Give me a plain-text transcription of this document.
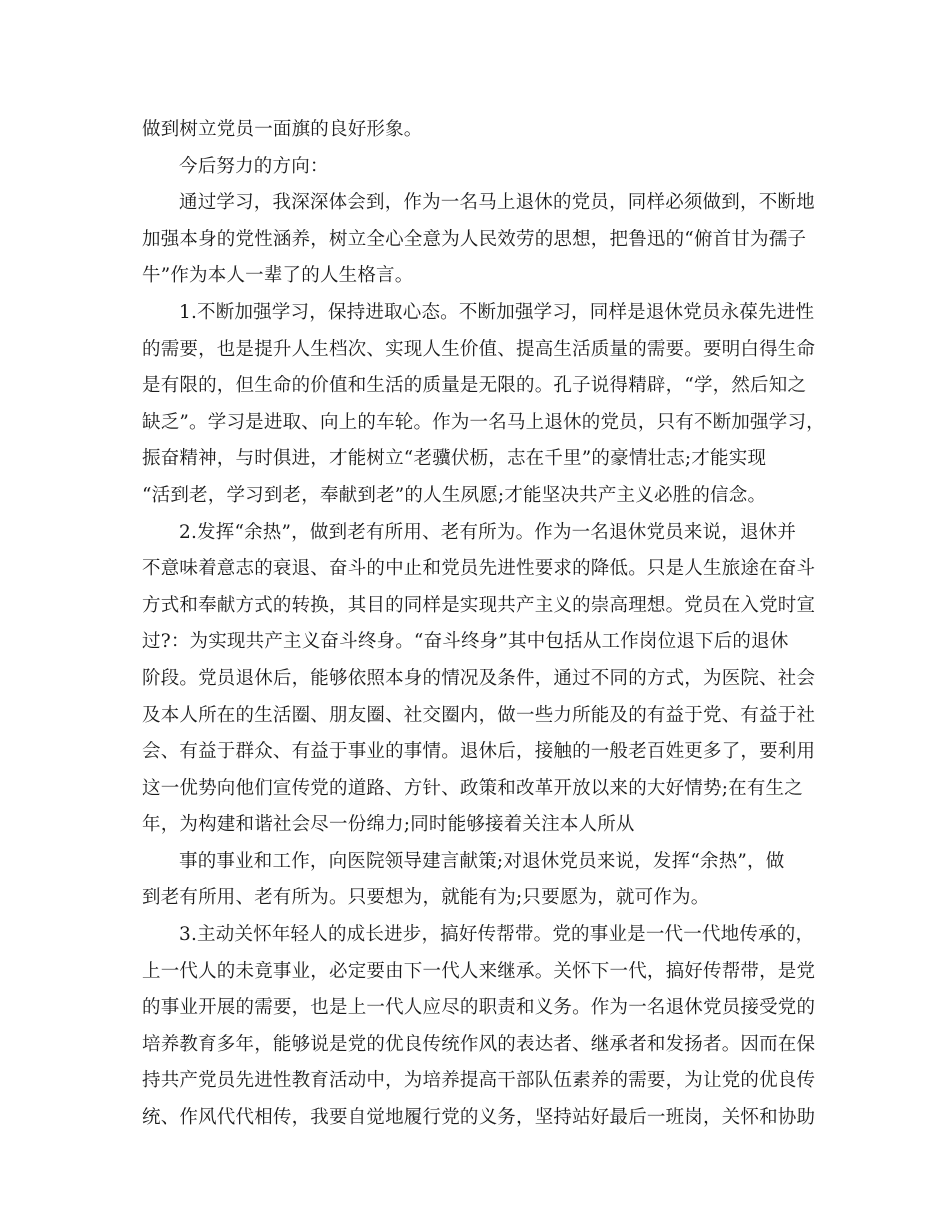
做到树立党员一面旗的良好形象。
今后努力的方向：
通过学习，我深深体会到，作为一名马上退休的党员，同样必须做到，不断地
加强本身的党性涵养，树立全心全意为人民效劳的思想，把鲁迅的“俯首甘为孺子
牛”作为本人一辈了的人生格言。
1.不断加强学习，保持进取心态。不断加强学习，同样是退休党员永葆先进性
的需要，也是提升人生档次、实现人生价值、提高生活质量的需要。要明白得生命
是有限的，但生命的价值和生活的质量是无限的。孔子说得精辟，“学，然后知之
缺乏”。学习是进取、向上的车轮。作为一名马上退休的党员，只有不断加强学习，
振奋精神，与时俱进，才能树立“老骥伏枥，志在千里”的豪情壮志;才能实现
“活到老，学习到老，奉献到老”的人生夙愿;才能坚决共产主义必胜的信念。
2.发挥“余热”，做到老有所用、老有所为。作为一名退休党员来说，退休并
不意味着意志的衰退、奋斗的中止和党员先进性要求的降低。只是人生旅途在奋斗
方式和奉献方式的转换，其目的同样是实现共产主义的崇高理想。党员在入党时宣
过?：为实现共产主义奋斗终身。“奋斗终身”其中包括从工作岗位退下后的退休
阶段。党员退休后，能够依照本身的情况及条件，通过不同的方式，为医院、社会
及本人所在的生活圈、朋友圈、社交圈内，做一些力所能及的有益于党、有益于社
会、有益于群众、有益于事业的事情。退休后，接触的一般老百姓更多了，要利用
这一优势向他们宣传党的道路、方针、政策和改革开放以来的大好情势;在有生之
年，为构建和谐社会尽一份绵力;同时能够接着关注本人所从
事的事业和工作，向医院领导建言献策;对退休党员来说，发挥“余热”，做
到老有所用、老有所为。只要想为，就能有为;只要愿为，就可作为。
3.主动关怀年轻人的成长进步，搞好传帮带。党的事业是一代一代地传承的，
上一代人的未竟事业，必定要由下一代人来继承。关怀下一代，搞好传帮带，是党
的事业开展的需要，也是上一代人应尽的职责和义务。作为一名退休党员接受党的
培养教育多年，能够说是党的优良传统作风的表达者、继承者和发扬者。因而在保
持共产党员先进性教育活动中，为培养提高干部队伍素养的需要，为让党的优良传
统、作风代代相传，我要自觉地履行党的义务，坚持站好最后一班岗，关怀和协助
